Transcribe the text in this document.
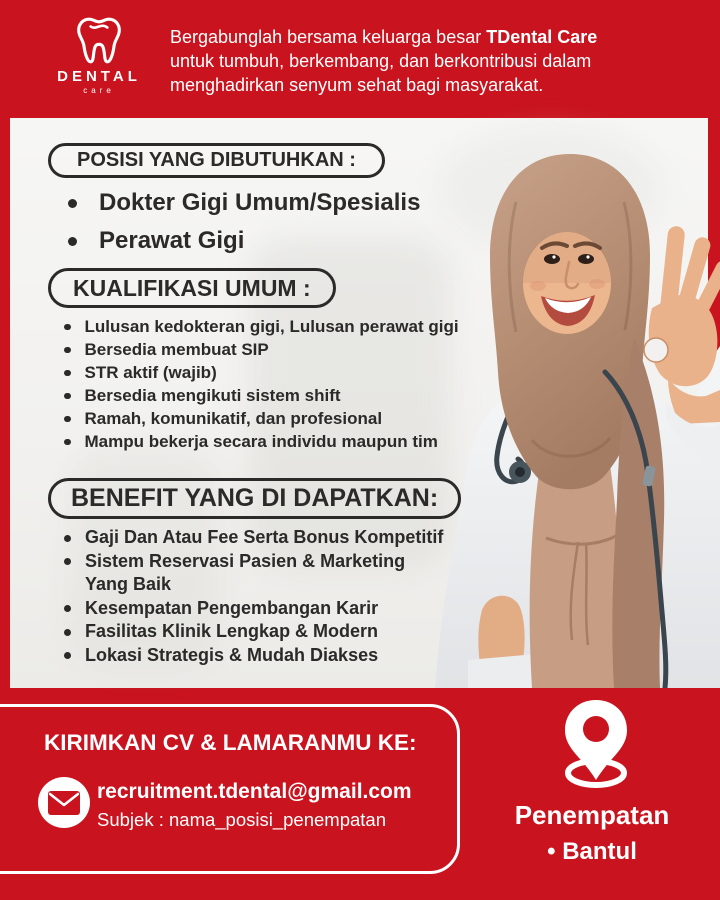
DENTAL
care
Bergabunglah bersama keluarga besar TDental Care
untuk tumbuh, berkembang, dan berkontribusi dalam
menghadirkan senyum sehat bagi masyarakat.
POSISI YANG DIBUTUHKAN :
Dokter Gigi Umum/Spesialis
Perawat Gigi
KUALIFIKASI UMUM :
Lulusan kedokteran gigi, Lulusan perawat gigi
Bersedia membuat SIP
STR aktif (wajib)
Bersedia mengikuti sistem shift
Ramah, komunikatif, dan profesional
Mampu bekerja secara individu maupun tim
BENEFIT YANG DI DAPATKAN:
Gaji Dan Atau Fee Serta Bonus Kompetitif
Sistem Reservasi Pasien & Marketing Yang Baik
Kesempatan Pengembangan Karir
Fasilitas Klinik Lengkap & Modern
Lokasi Strategis & Mudah Diakses
KIRIMKAN CV & LAMARANMU KE:
recruitment.tdental@gmail.com
Subjek : nama_posisi_penempatan	Penempatan
• Bantul
